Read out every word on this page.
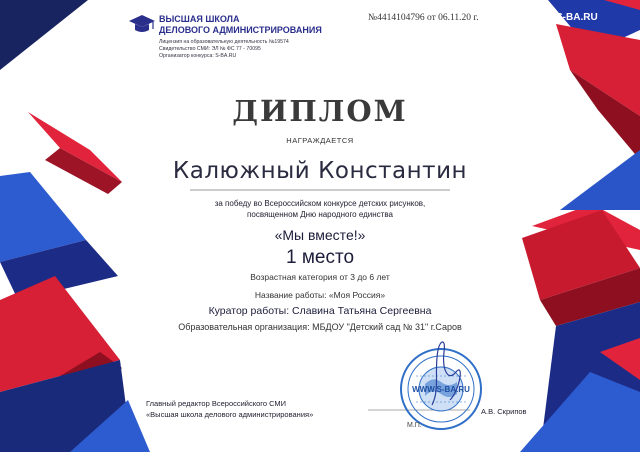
ВЫСШАЯ ШКОЛА
ДЕЛОВОГО АДМИНИСТРИРОВАНИЯ
Лицензия на образовательную деятельность №19574
Свидетельство СМИ: ЭЛ № ФС 77 - 70095
Организатор конкурса: S-BA.RU
№4414104796 от 06.11.20 г.	S-BA.RU
ДИПЛОМ
НАГРАЖДАЕТСЯ
Калюжный Константин
за победу во Всероссийском конкурсе детских рисунков,
посвященном Дню народного единства
«Мы вместе!»
1 место
Возрастная категория от 3 до 6 лет
Название работы: «Моя Россия»
Куратор работы: Славина Татьяна Сергеевна
Образовательная организация: МБДОУ "Детский сад № 31" г.Саров
Главный редактор Всероссийского СМИ
«Высшая школа делового администрирования»
WWW.S-BA.RU
М.П.
А.В. Скрипов
